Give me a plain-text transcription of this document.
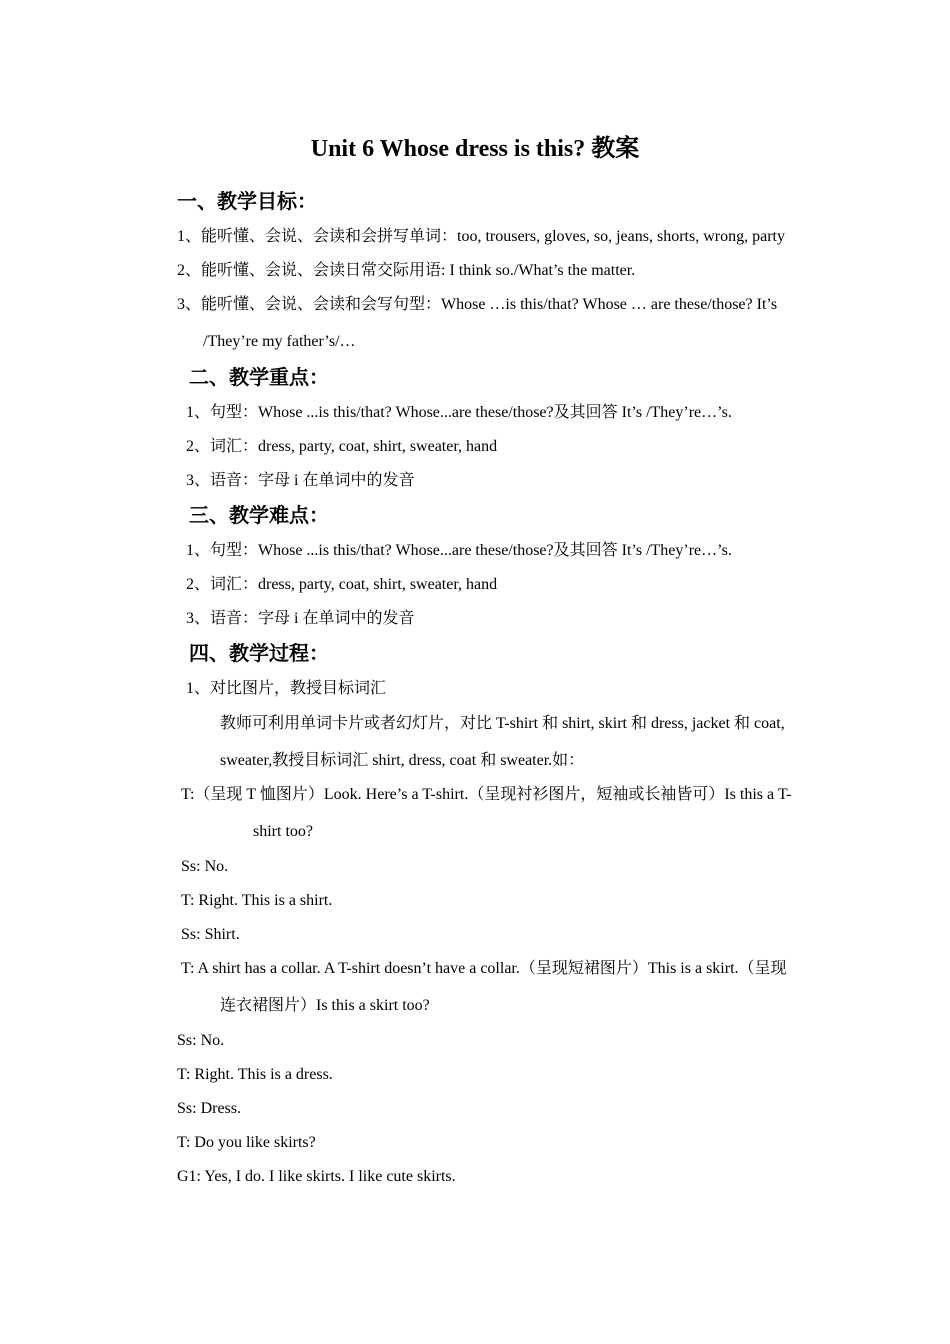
Unit 6 Whose dress is this? 教案
一、教学目标：
1、能听懂、会说、会读和会拼写单词：too, trousers, gloves, so, jeans, shorts, wrong, party
2、能听懂、会说、会读日常交际用语: I think so./What’s the matter.
3、能听懂、会说、会读和会写句型：Whose …is this/that? Whose … are these/those? It’s
/They’re my father’s/…
二、教学重点：
1、句型：Whose ...is this/that? Whose...are these/those?及其回答 It’s /They’re…’s.
2、词汇：dress, party, coat, shirt, sweater, hand
3、语音：字母 i 在单词中的发音
三、教学难点：
1、句型：Whose ...is this/that? Whose...are these/those?及其回答 It’s /They’re…’s.
2、词汇：dress, party, coat, shirt, sweater, hand
3、语音：字母 i 在单词中的发音
四、教学过程：
1、对比图片，教授目标词汇
教师可利用单词卡片或者幻灯片，对比 T-shirt 和 shirt, skirt 和 dress, jacket 和 coat,
sweater,教授目标词汇 shirt, dress, coat 和 sweater.如：
T:（呈现 T 恤图片）Look. Here’s a T-shirt.（呈现衬衫图片，短袖或长袖皆可）Is this a T-
shirt too?
Ss: No.
T: Right. This is a shirt.
Ss: Shirt.
T: A shirt has a collar. A T-shirt doesn’t have a collar.（呈现短裙图片）This is a skirt.（呈现
连衣裙图片）Is this a skirt too?
Ss: No.
T: Right. This is a dress.
Ss: Dress.
T: Do you like skirts?
G1: Yes, I do. I like skirts. I like cute skirts.
